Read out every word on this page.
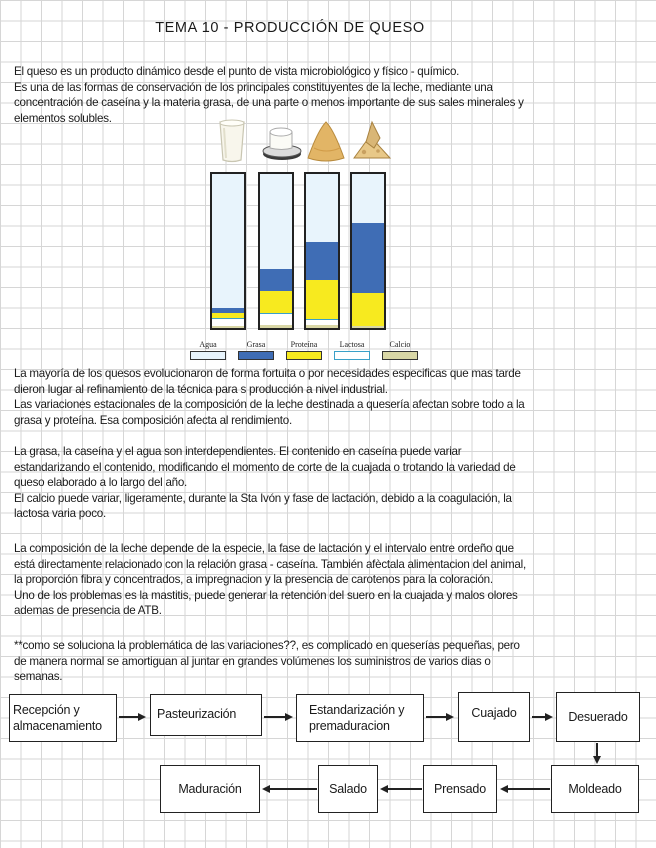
TEMA 10 - PRODUCCIÓN DE QUESO
El queso es un producto dinámico desde el punto de vista microbiológico y físico - químico.
Es una de las formas de conservación de los principales constituyentes de la leche, mediante una
concentración de caseína y la materia grasa, de una parte o menos importante de sus sales minerales y
elementos solubles.
Agua	Grasa	Proteína	Lactosa	Calcio
La mayoría de los quesos evolucionaron de forma fortuita o por necesidades especificas que mas tarde
dieron lugar al refinamiento de la técnica para s producción a nivel industrial.
Las variaciones estacionales de la composición de la leche destinada a quesería afectan sobre todo a la
grasa y proteína. Esa composición afecta al rendimiento.
La grasa, la caseína y el agua son interdependientes. El contenido en caseína puede variar
estandarizando el contenido, modificando el momento de corte de la cuajada o trotando la variedad de
queso elaborado a lo largo del año.
El calcio puede variar, ligeramente, durante la Sta Ivón y fase de lactación, debido a la coagulación, la
lactosa varia poco.
La composición de la leche depende de la especie, la fase de lactación y el intervalo entre ordeño que
está directamente relacionado con la relación grasa - caseína. También afèctala alimentacion del animal,
la proporción fibra y concentrados, a impregnacion y la presencia de carotenos para la coloración.
Uno de los problemas es la mastitis, puede generar la retención del suero en la cuajada y malos olores
ademas de presencia de ATB.
**como se soluciona la problemática de las variaciones??, es complicado en queserías pequeñas, pero
de manera normal se amortiguan al juntar en grandes volúmenes los suministros de varios dias o
semanas.
Recepción y
almacenamiento
Pasteurización	Estandarización y
premaduracion
Cuajado	Desuerado
Moldeado
Prensado
Salado
Maduración
